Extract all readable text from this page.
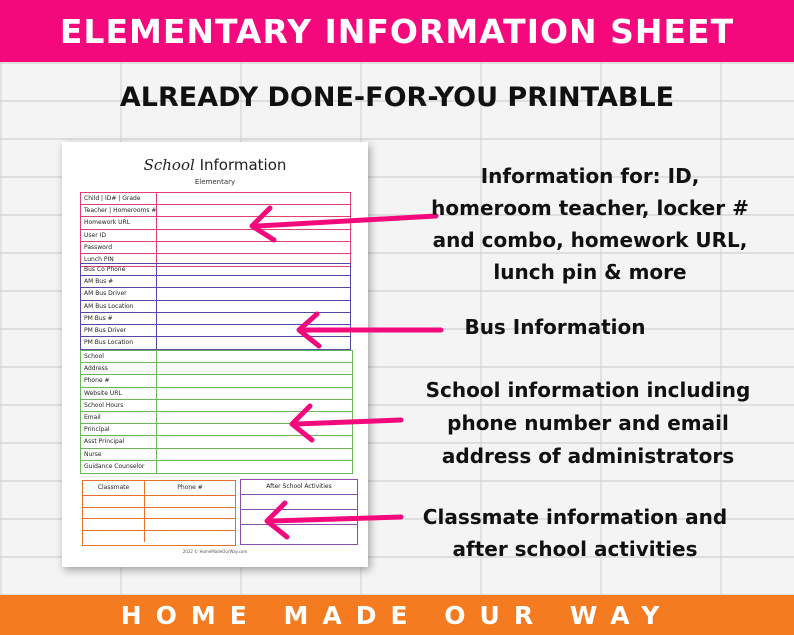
ELEMENTARY INFORMATION SHEET
ALREADY DONE-FOR-YOU PRINTABLE
School Information
Elementary
Child | ID# | Grade
Teacher | Homerooms #
Homework URL
User ID
Password
Lunch PIN
Bus Co Phone
AM Bus #
AM Bus Driver
AM Bus Location
PM Bus #
PM Bus Driver
PM Bus Location
School
Address
Phone #
Website URL
School Hours
Email
Principal
Asst Principal
Nurse
Guidance Counselor
Classmate	Phone #	After School Activities
2022 © HomeMadeOurWay.com
Information for: ID,
homeroom teacher, locker #
and combo, homework URL,
lunch pin & more
Bus Information
School information including
phone number and email
address of administrators
Classmate information and
after school activities
HOME MADE OUR WAY
